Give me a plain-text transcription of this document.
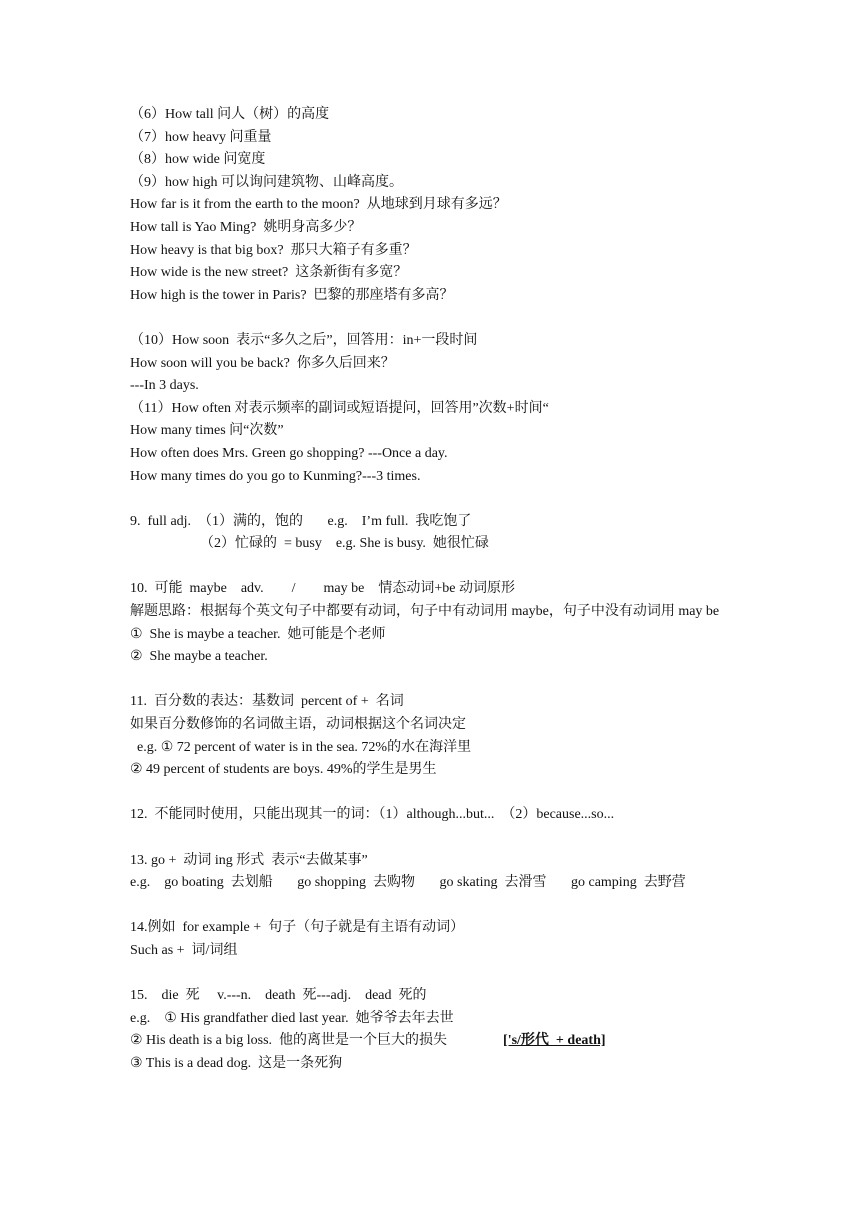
（6）How tall 问人（树）的高度
（7）how heavy 问重量
（8）how wide 问宽度
（9）how high 可以询问建筑物、山峰高度。
How far is it from the earth to the moon?  从地球到月球有多远？
How tall is Yao Ming?  姚明身高多少？
How heavy is that big box?  那只大箱子有多重？
How wide is the new street?  这条新街有多宽？
How high is the tower in Paris?  巴黎的那座塔有多高？
（10）How soon  表示“多久之后”，回答用：in+一段时间
How soon will you be back?  你多久后回来？
---In 3 days.
（11）How often 对表示频率的副词或短语提问，回答用”次数+时间“
How many times 问“次数”
How often does Mrs. Green go shopping? ---Once a day.
How many times do you go to Kunming?---3 times.
9.  full adj.  （1）满的，饱的       e.g.    I’m full.  我吃饱了
（2）忙碌的  = busy    e.g. She is busy.  她很忙碌
10.  可能  maybe    adv.        /        may be    情态动词+be 动词原形
解题思路：根据每个英文句子中都要有动词，句子中有动词用 maybe，句子中没有动词用 may be
①  She is maybe a teacher.  她可能是个老师
②  She maybe a teacher.
11.  百分数的表达：基数词  percent of +  名词
如果百分数修饰的名词做主语，动词根据这个名词决定
e.g. ① 72 percent of water is in the sea. 72%的水在海洋里
② 49 percent of students are boys. 49%的学生是男生
12.  不能同时使用，只能出现其一的词：（1）although...but...  （2）because...so...
13. go +  动词 ing 形式  表示“去做某事”
e.g.    go boating  去划船       go shopping  去购物       go skating  去滑雪       go camping  去野营
14.例如  for example +  句子（句子就是有主语有动词）
Such as +  词/词组
15.    die  死     v.---n.    death  死---adj.    dead  死的
e.g.    ① His grandfather died last year.  她爷爷去年去世
② His death is a big loss.  他的离世是一个巨大的损失	['s/形代  + death]
③ This is a dead dog.  这是一条死狗
